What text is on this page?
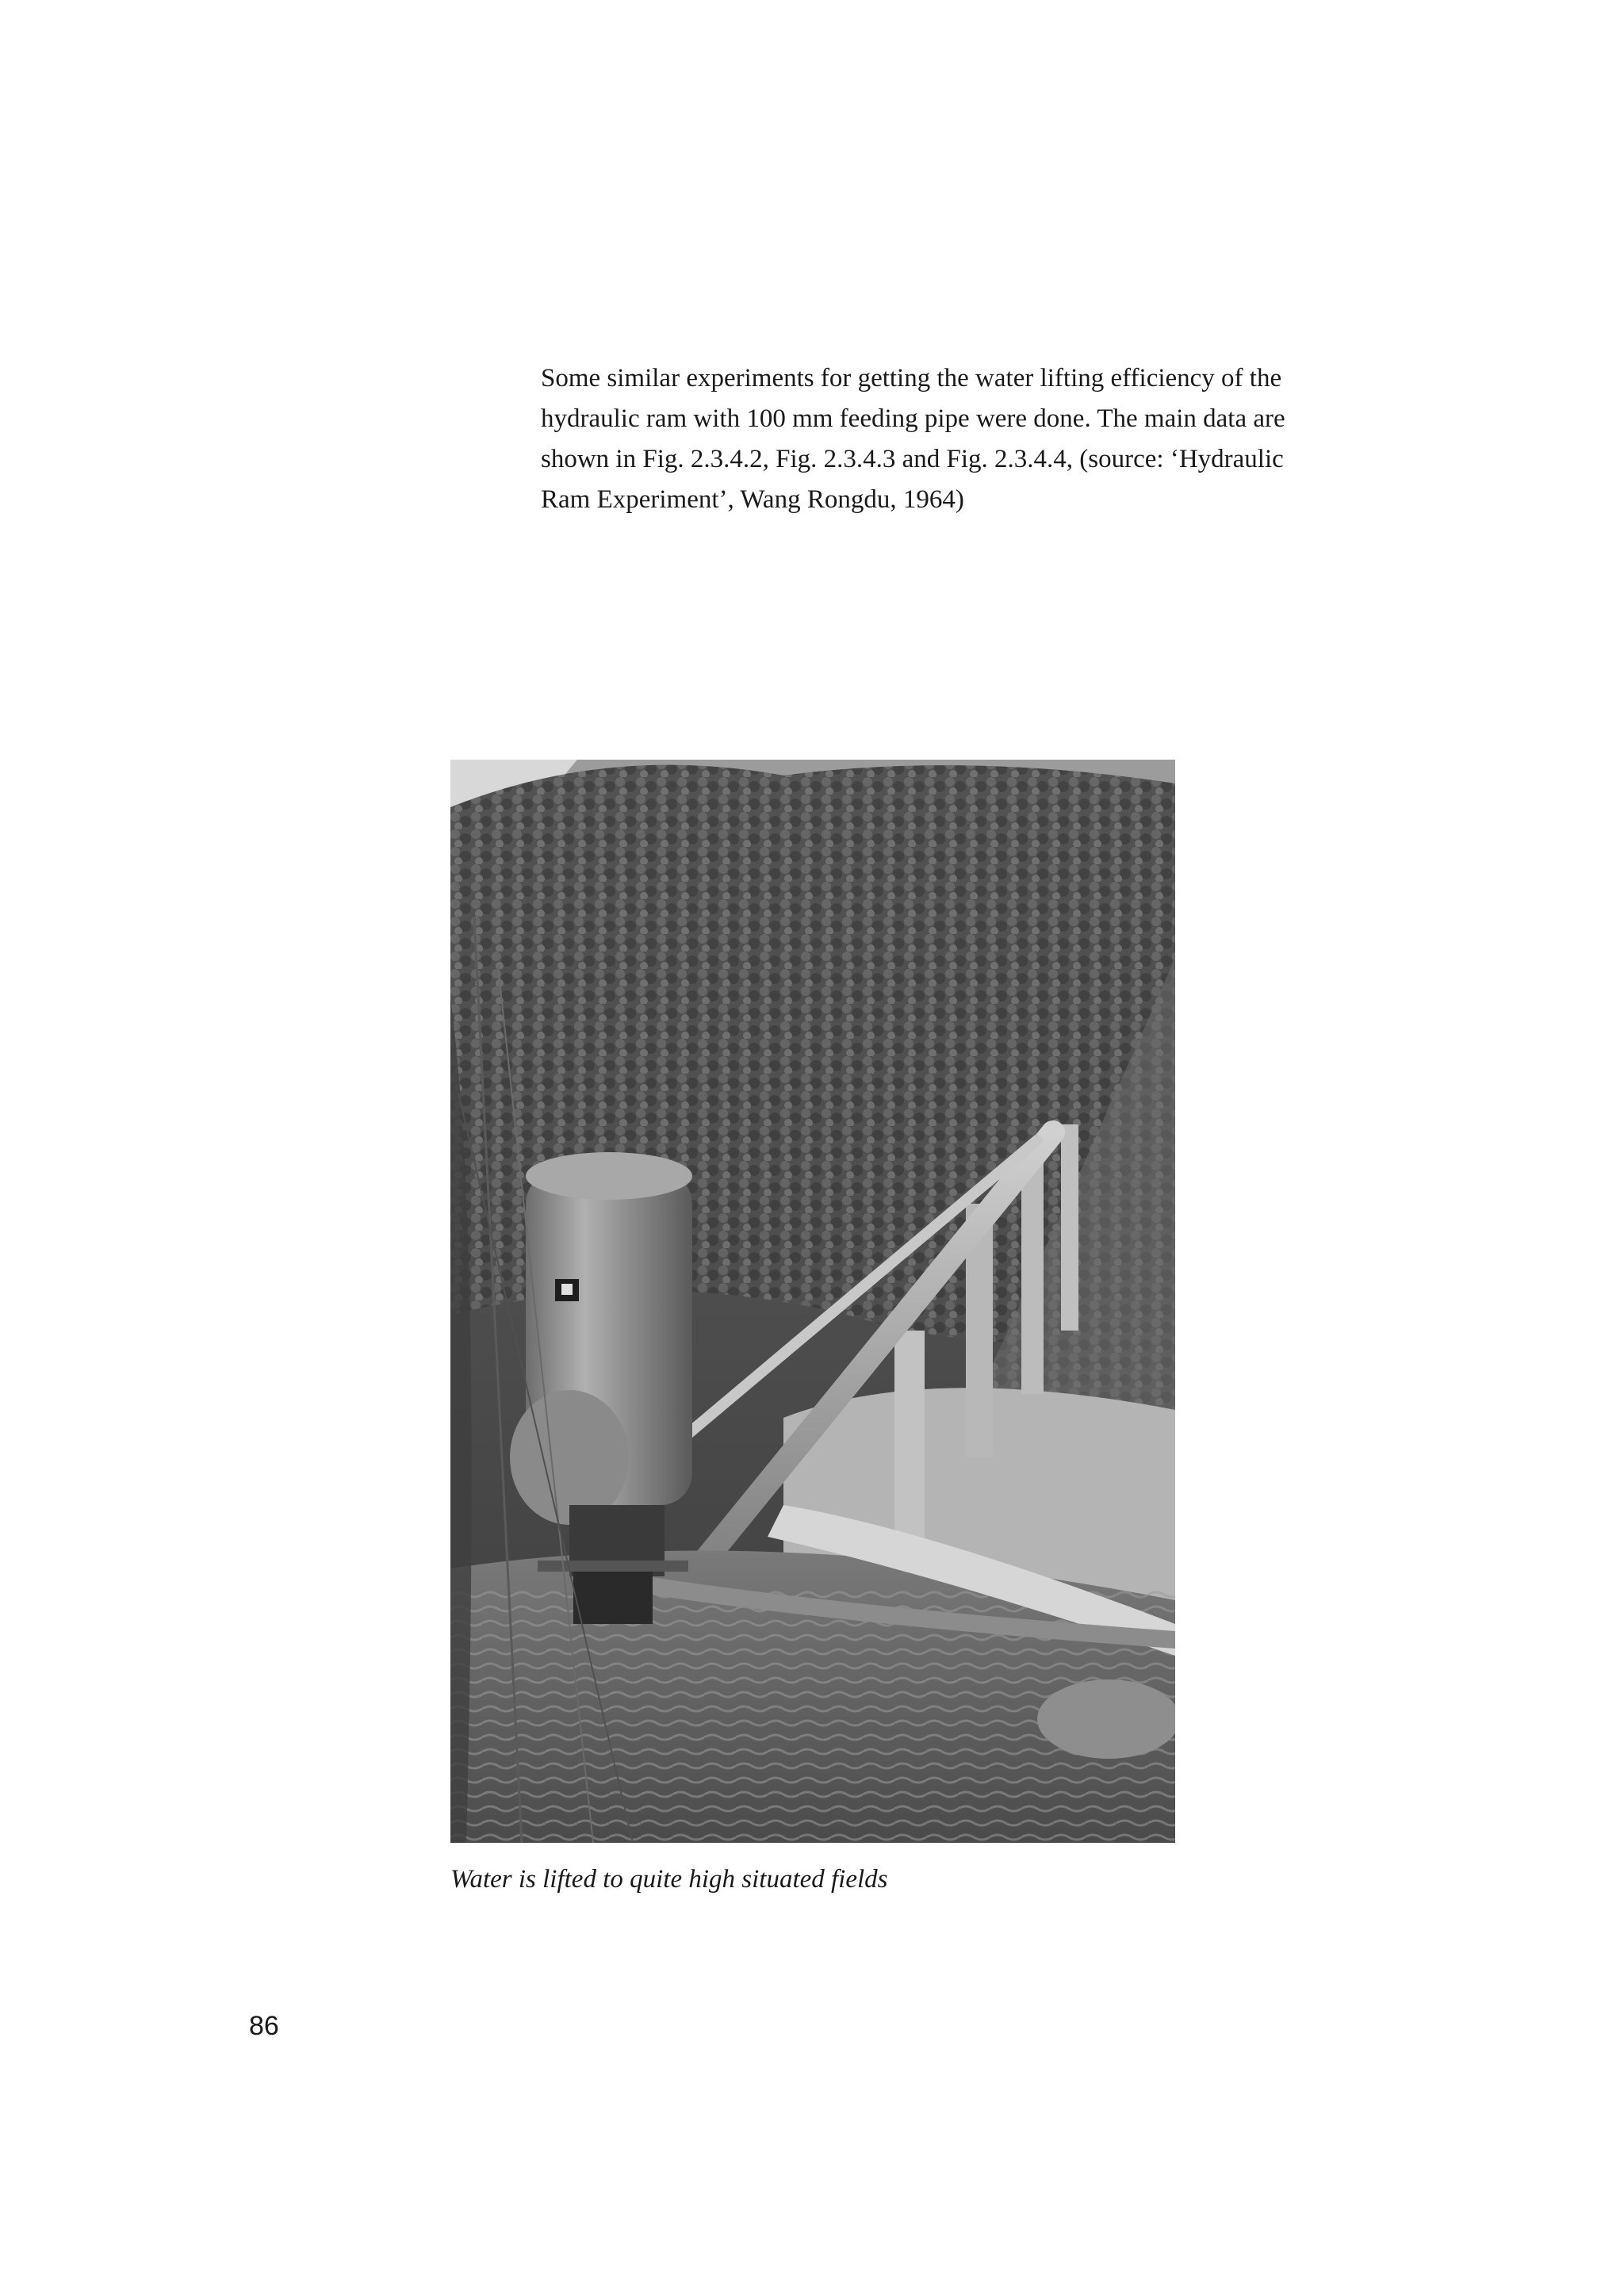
Some similar experiments for getting the water lifting efficiency of the hydraulic ram with 100 mm feeding pipe were done. The main data are shown in Fig. 2.3.4.2, Fig. 2.3.4.3 and Fig. 2.3.4.4, (source: ‘Hydraulic Ram Experiment’, Wang Rongdu, 1964)

Water is lifted to quite high situated fields

86
